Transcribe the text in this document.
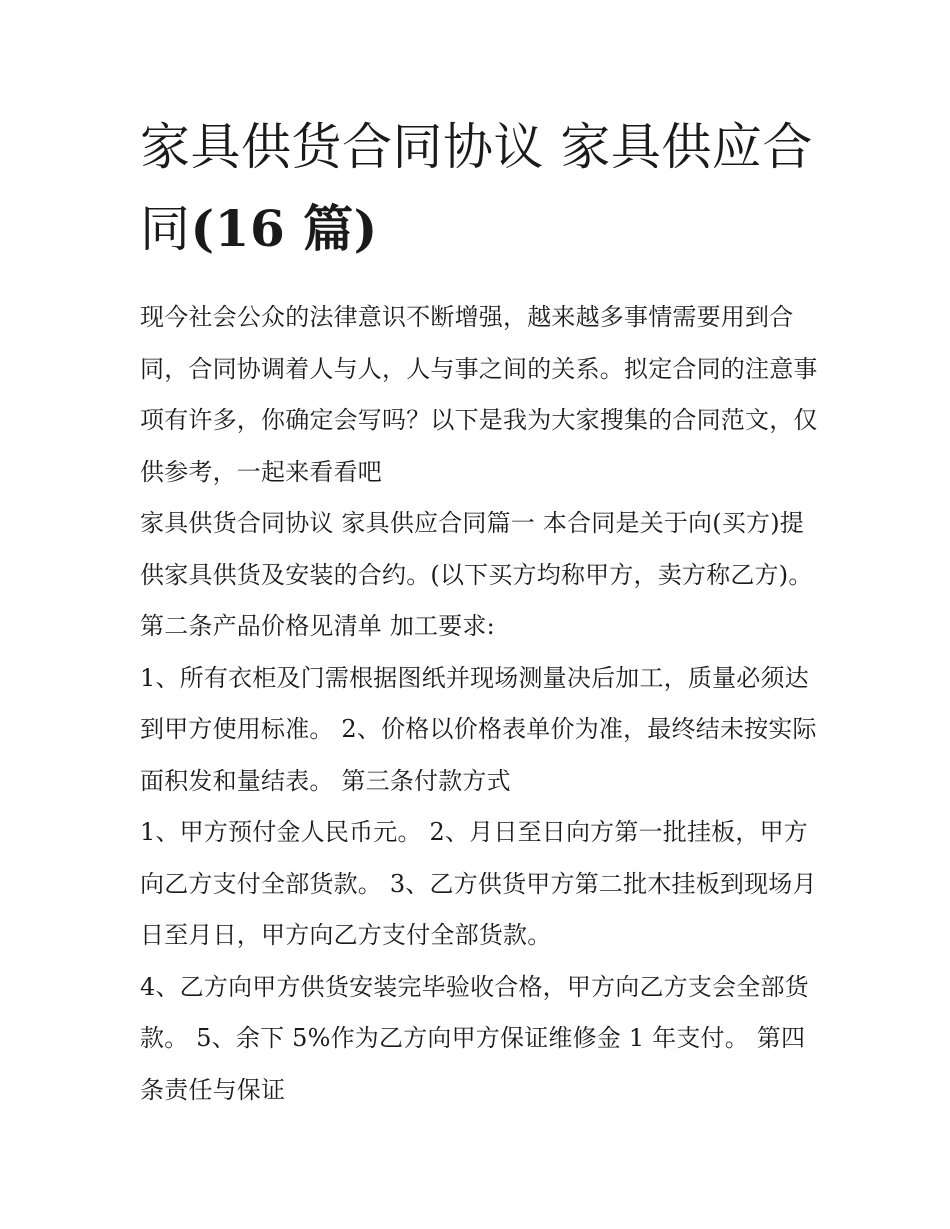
家具供货合同协议 家具供应合同(16 篇)

现今社会公众的法律意识不断增强，越来越多事情需要用到合同，合同协调着人与人，人与事之间的关系。拟定合同的注意事项有许多，你确定会写吗？以下是我为大家搜集的合同范文，仅供参考，一起来看看吧

家具供货合同协议 家具供应合同篇一 本合同是关于向(买方)提供家具供货及安装的合约。(以下买方均称甲方，卖方称乙方)。 第二条产品价格见清单 加工要求:

1、所有衣柜及门需根据图纸并现场测量决后加工，质量必须达到甲方使用标准。 2、价格以价格表单价为准，最终结未按实际面积发和量结表。 第三条付款方式

1、甲方预付金人民币元。 2、月日至日向方第一批挂板，甲方向乙方支付全部货款。 3、乙方供货甲方第二批木挂板到现场月日至月日，甲方向乙方支付全部货款。

4、乙方向甲方供货安装完毕验收合格，甲方向乙方支会全部货款。 5、余下 5%作为乙方向甲方保证维修金 1 年支付。 第四条责任与保证
